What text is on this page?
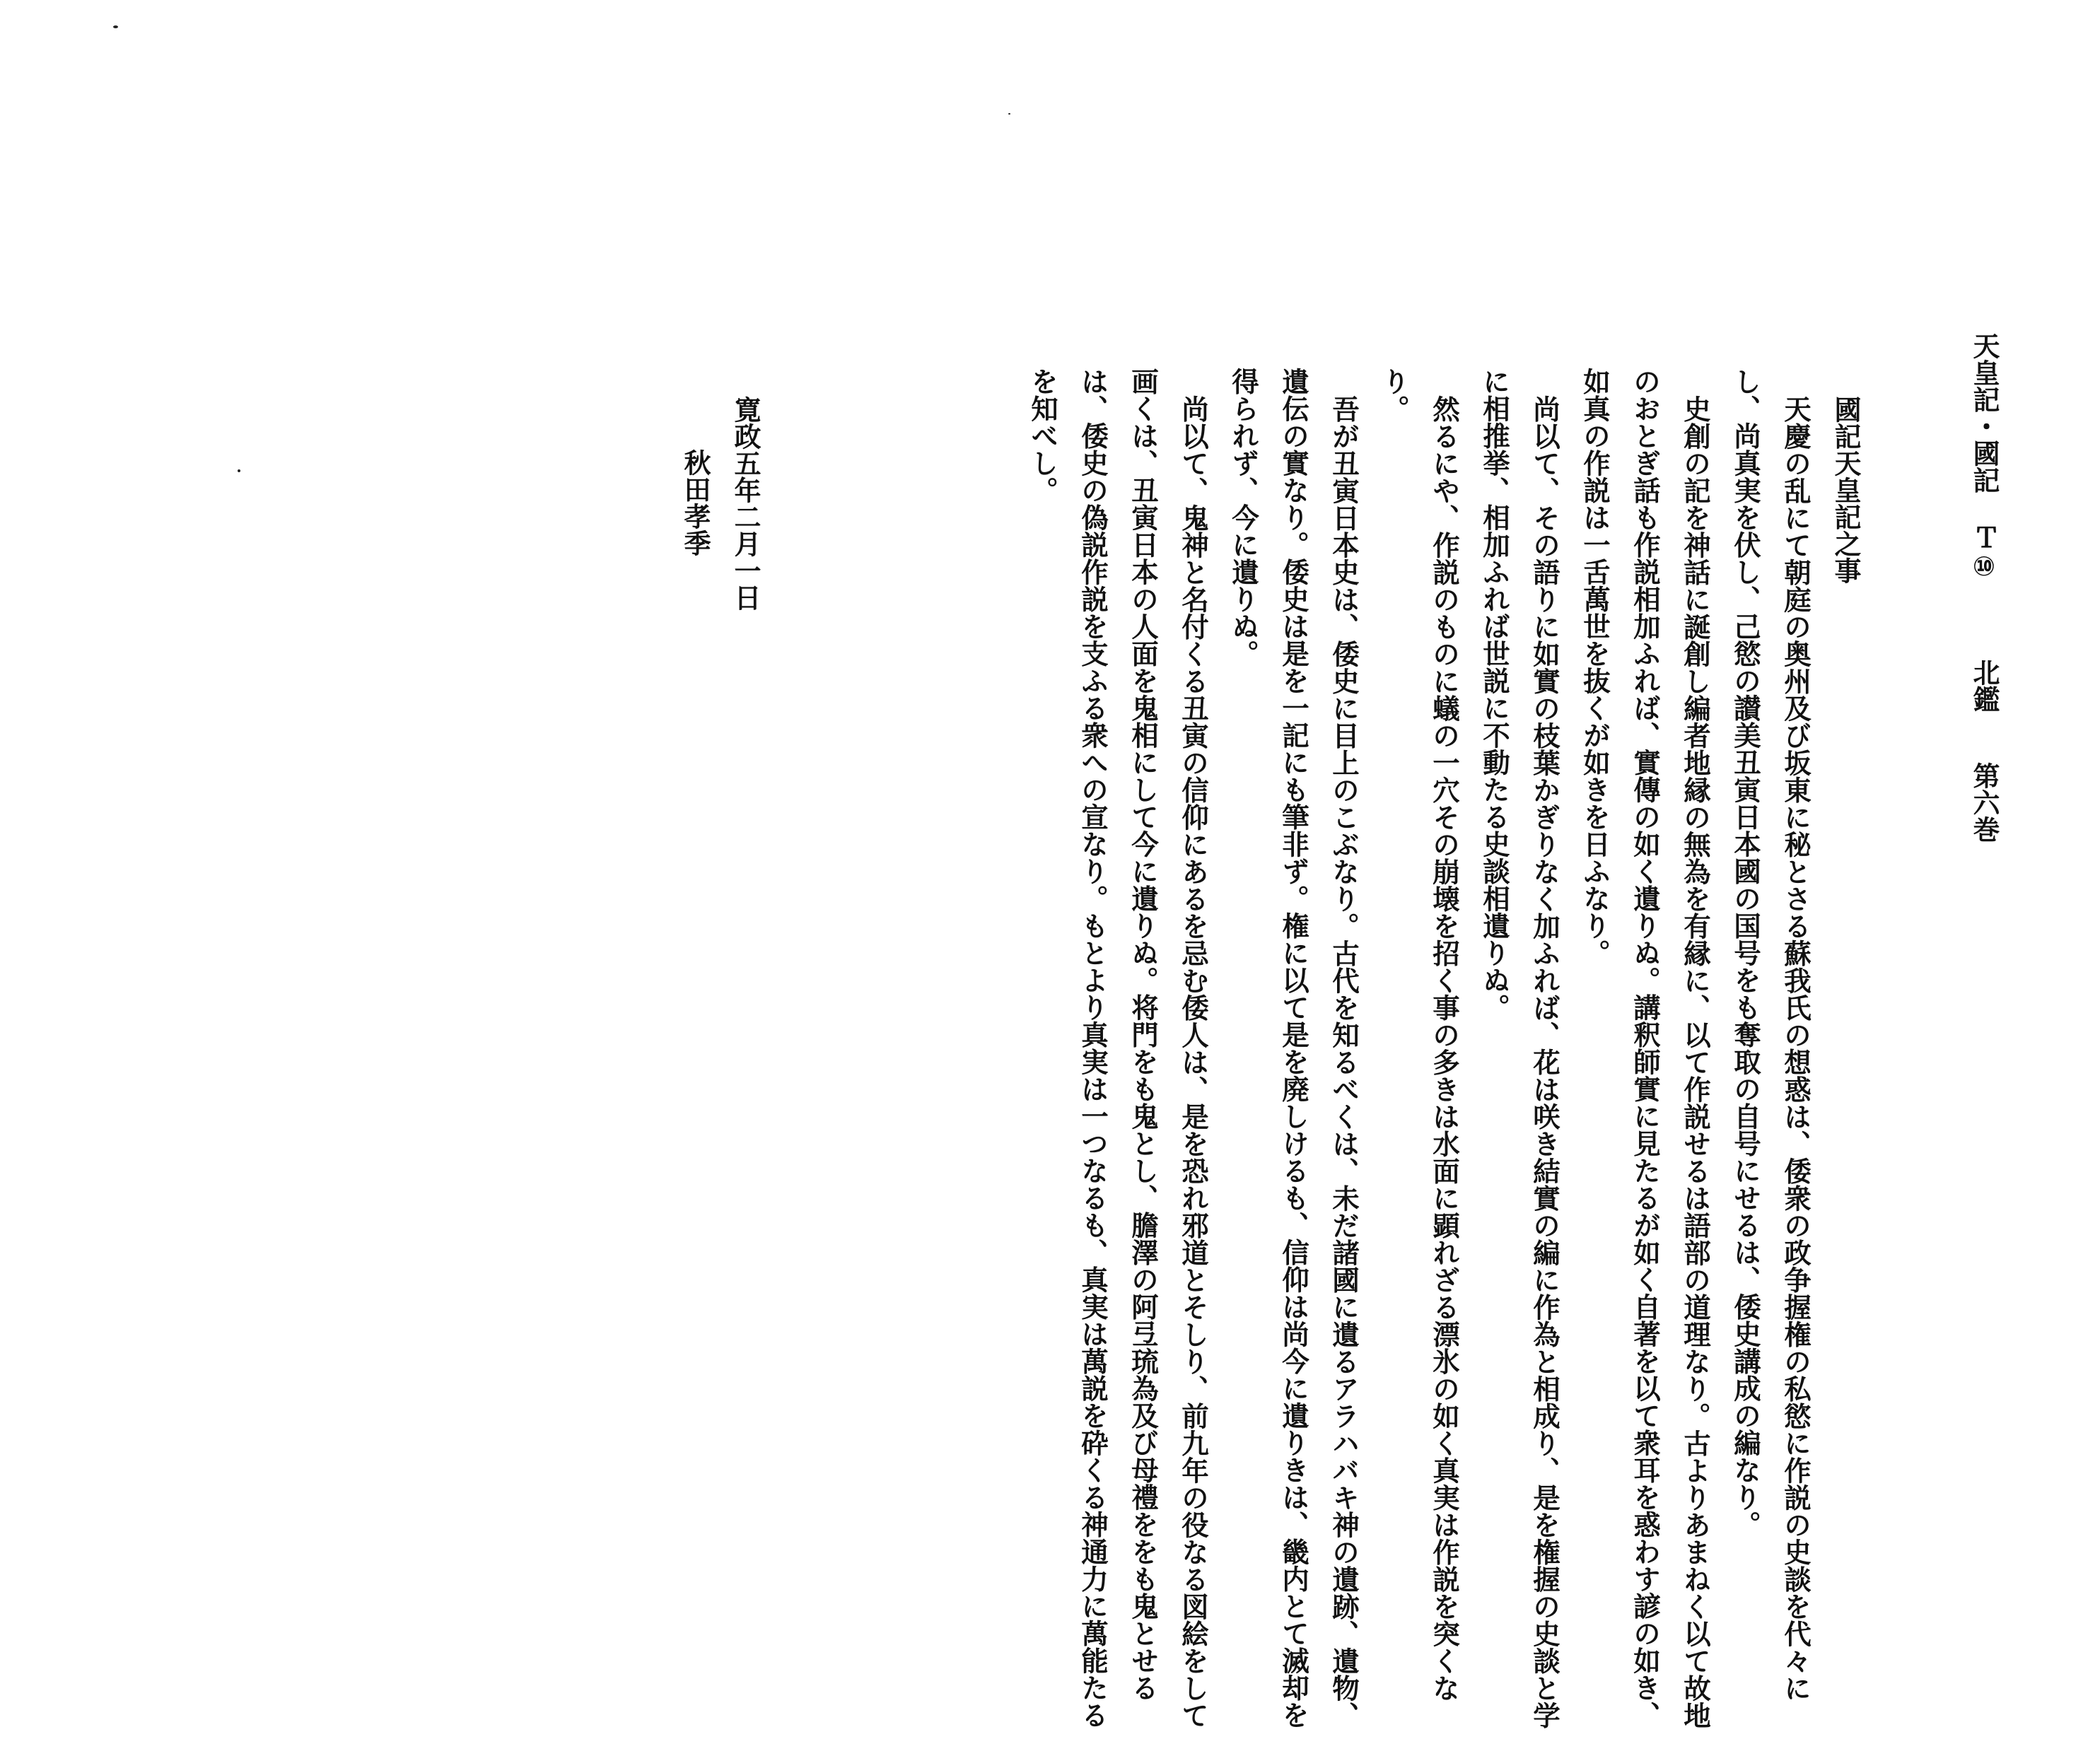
天皇記・國記 Ｔ⑩ 北鑑 第六巻
國記天皇記之事

天慶の乱にて朝庭の奥州及び坂東に秘とさる蘇我氏の想惑は、倭衆の政争握権の私慾に作説の史談を代々にし、尚真実を伏し、己慾の讃美丑寅日本國の国号をも奪取の自号にせるは、倭史講成の編なり。

史創の記を神話に誕創し編者地縁の無為を有縁に、以て作説せるは語部の道理なり。古よりあまねく以て故地のおとぎ話も作説相加ふれば、實傳の如く遺りぬ。講釈師實に見たるが如く自著を以て衆耳を惑わす諺の如き、如真の作説は一舌萬世を抜くが如きを日ふなり。

尚以て、その語りに如實の枝葉かぎりなく加ふれば、花は咲き結實の編に作為と相成り、是を権握の史談と学に相推挙、相加ふれば世説に不動たる史談相遺りぬ。

然るにや、作説のものに蟻の一穴その崩壊を招く事の多きは水面に顕れざる漂氷の如く真実は作説を突くなり。

吾が丑寅日本史は、倭史に目上のこぶなり。古代を知るべくは、未だ諸國に遺るアラハバキ神の遺跡、遺物、遺伝の實なり。倭史は是を一記にも筆非ず。権に以て是を廃しけるも、信仰は尚今に遺りきは、畿内とて滅却を得られず、今に遺りぬ。

尚以て、鬼神と名付くる丑寅の信仰にあるを忌む倭人は、是を恐れ邪道とそしり、前九年の役なる図絵をして画くは、丑寅日本の人面を鬼相にして今に遺りぬ。将門をも鬼とし、膽澤の阿弖琉為及び母禮ををも鬼とせるは、倭史の偽説作説を支ふる衆への宣なり。もとより真実は一つなるも、真実は萬説を砕くる神通力に萬能たるを知べし。

寛政五年二月一日
秋田孝季
